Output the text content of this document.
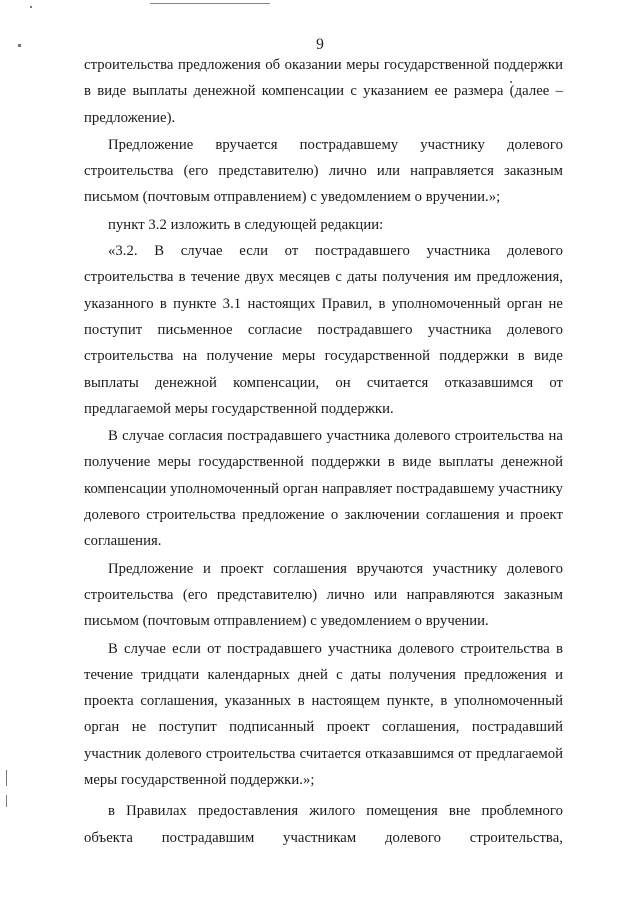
9

строительства предложения об оказании меры государственной поддержки в виде выплаты денежной компенсации с указанием ее размера (далее – предложение).

Предложение вручается пострадавшему участнику долевого строительства (его представителю) лично или направляется заказным письмом (почтовым отправлением) с уведомлением о вручении.»;

пункт 3.2 изложить в следующей редакции:

«3.2. В случае если от пострадавшего участника долевого строительства в течение двух месяцев с даты получения им предложения, указанного в пункте 3.1 настоящих Правил, в уполномоченный орган не поступит письменное согласие пострадавшего участника долевого строительства на получение меры государственной поддержки в виде выплаты денежной компенсации, он считается отказавшимся от предлагаемой меры государственной поддержки.

В случае согласия пострадавшего участника долевого строительства на получение меры государственной поддержки в виде выплаты денежной компенсации уполномоченный орган направляет пострадавшему участнику долевого строительства предложение о заключении соглашения и проект соглашения.

Предложение и проект соглашения вручаются участнику долевого строительства (его представителю) лично или направляются заказным письмом (почтовым отправлением) с уведомлением о вручении.

В случае если от пострадавшего участника долевого строительства в течение тридцати календарных дней с даты получения предложения и проекта соглашения, указанных в настоящем пункте, в уполномоченный орган не поступит подписанный проект соглашения, пострадавший участник долевого строительства считается отказавшимся от предлагаемой меры государственной поддержки.»;

в Правилах предоставления жилого помещения вне проблемного объекта пострадавшим участникам долевого строительства,
